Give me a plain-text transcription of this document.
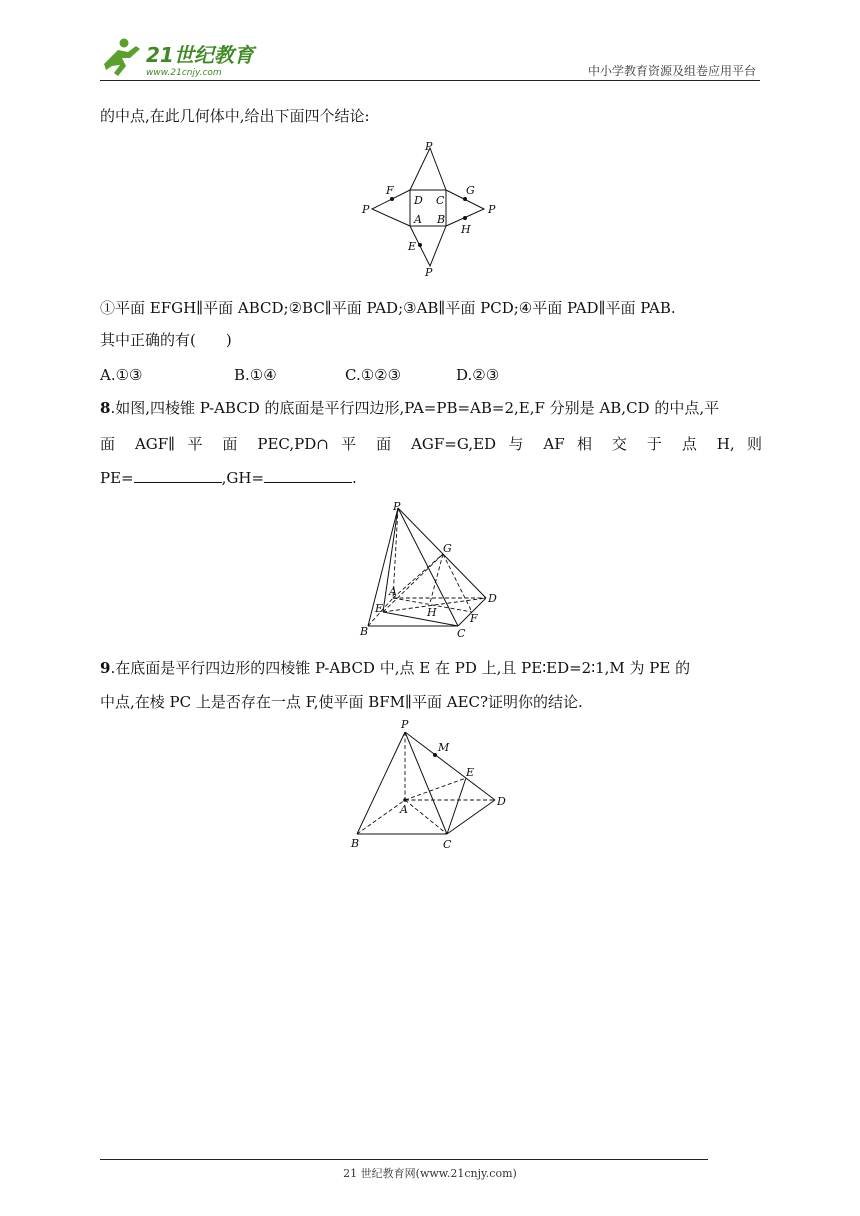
21世纪教育
www.21cnjy.com	中小学教育资源及组卷应用平台
的中点,在此几何体中,给出下面四个结论:
P
P	P
P
F	G
D C
A B
E
H
①平面 EFGH∥平面 ABCD;②BC∥平面 PAD;③AB∥平面 PCD;④平面 PAD∥平面 PAB.
其中正确的有(　　)
A.①③	B.①④	C.①②③	D.②③
8.如图,四棱锥 P-ABCD 的底面是平行四边形,PA=PB=AB=2,E,F 分别是 AB,CD 的中点,平
面 AGF∥ 平 面 PEC,PD∩ 平 面 AGF=G,ED 与 AF 相 交 于 点 H, 则
PE=	,GH=	.
P
G
A
E	H
D
B	C
F
9.在底面是平行四边形的四棱锥 P-ABCD 中,点 E 在 PD 上,且 PE∶ED=2∶1,M 为 PE 的
中点,在棱 PC 上是否存在一点 F,使平面 BFM∥平面 AEC?证明你的结论.
P
M
E
D
A
B	C
21 世纪教育网(www.21cnjy.com)
